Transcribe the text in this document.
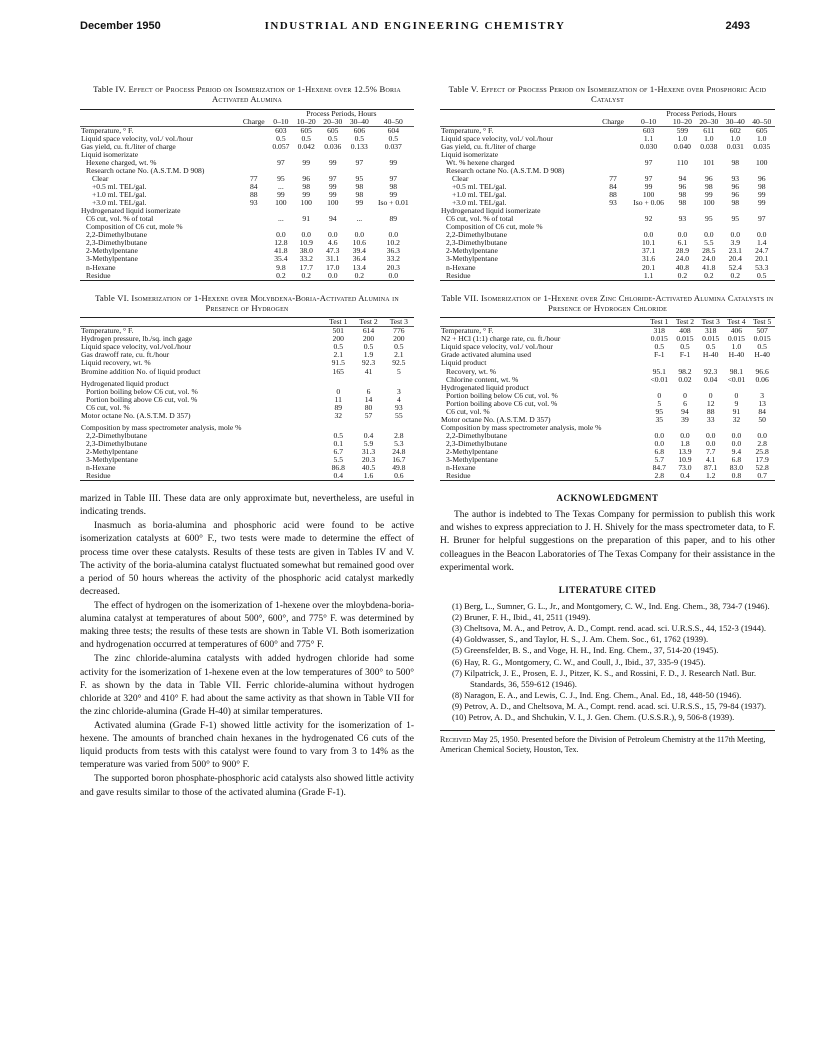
December 1950	INDUSTRIAL AND ENGINEERING CHEMISTRY	2493
Table IV. Effect of Process Period on Isomerization of 1-Hexene over 12.5% Boria Activated Alumina
		Process Periods, Hours				
	Charge	0–10	10–20	20–30	30–40	40–50
Temperature, ° F.		603	605	605	606	604
Liquid space velocity, vol./ vol./hour		0.5	0.5	0.5	0.5	0.5
Gas yield, cu. ft./liter of charge		0.057	0.042	0.036	0.133	0.037
Liquid isomerizate						
Hexene charged, wt. %		97	99	99	97	99
Research octane No. (A.S.T.M. D 908)						
Clear	77	95	96	97	95	97
+0.5 ml. TEL/gal.	84	...	98	99	98	98
+1.0 ml. TEL/gal.	88	99	99	99	98	99
+3.0 ml. TEL/gal.	93	100	100	100	99	Iso + 0.01
Hydrogenated liquid isomerizate						
C6 cut, vol. % of total		...	91	94	...	89
Composition of C6 cut, mole %						
2,2-Dimethylbutane		0.0	0.0	0.0	0.0	0.0
2,3-Dimethylbutane		12.8	10.9	4.6	10.6	10.2
2-Methylpentane		41.8	38.0	47.3	39.4	36.3
3-Methylpentane		35.4	33.2	31.1	36.4	33.2
n-Hexane		9.8	17.7	17.0	13.4	20.3
Residue		0.2	0.2	0.0	0.2	0.0
Table VI. Isomerization of 1-Hexene over Molybdena-Boria-Activated Alumina in Presence of Hydrogen
	Test 1	Test 2	Test 3
Temperature, ° F.	501	614	776
Hydrogen pressure, lb./sq. inch gage	200	200	200
Liquid space velocity, vol./vol./hour	0.5	0.5	0.5
Gas drawoff rate, cu. ft./hour	2.1	1.9	2.1
Liquid recovery, wt. %	91.5	92.3	92.5
Bromine addition No. of liquid product	165	41	5
Hydrogenated liquid product			
Portion boiling below C6 cut, vol. %	0	6	3
Portion boiling above C6 cut, vol. %	11	14	4
C6 cut, vol. %	89	80	93
Motor octane No. (A.S.T.M. D 357)	32	57	55
Composition by mass spectrometer analysis, mole %			
2,2-Dimethylbutane	0.5	0.4	2.8
2,3-Dimethylbutane	0.1	5.9	5.3
2-Methylpentane	6.7	31.3	24.8
3-Methylpentane	5.5	20.3	16.7
n-Hexane	86.8	40.5	49.8
Residue	0.4	1.6	0.6

marized in Table III. These data are only approximate but, nevertheless, are useful in indicating trends.

Inasmuch as boria-alumina and phosphoric acid were found to be active isomerization catalysts at 600° F., two tests were made to determine the effect of process time over these catalysts. Results of these tests are given in Tables IV and V. The activity of the boria-alumina catalyst fluctuated somewhat but remained good over a period of 50 hours whereas the activity of the phosphoric acid catalyst markedly decreased.

The effect of hydrogen on the isomerization of 1-hexene over the mloybdena-boria-alumina catalyst at temperatures of about 500°, 600°, and 775° F. was determined by making three tests; the results of these tests are shown in Table VI. Both isomerization and hydrogenation occurred at temperatures of 600° and 775° F.

The zinc chloride-alumina catalysts with added hydrogen chloride had some activity for the isomerization of 1-hexene even at the low temperatures of 300° to 500° F. as shown by the data in Table VII. Ferric chloride-alumina without hydrogen chloride at 320° and 410° F. had about the same activity as that shown in Table VII for the zinc chloride-alumina (Grade H-40) at similar temperatures.

Activated alumina (Grade F-1) showed little activity for the isomerization of 1-hexene. The amounts of branched chain hexanes in the hydrogenated C6 cuts of the liquid products from tests with this catalyst were found to vary from 3 to 14% as the temperature was varied from 500° to 900° F.

The supported boron phosphate-phosphoric acid catalysts also showed little activity and gave results similar to those of the activated alumina (Grade F-1).

Table V. Effect of Process Period on Isomerization of 1-Hexene over Phosphoric Acid Catalyst
		Process Periods, Hours				
	Charge	0–10	10–20	20–30	30–40	40–50
Temperature, ° F.		603	599	611	602	605
Liquid space velocity, vol./ vol./hour		1.1	1.0	1.0	1.0	1.0
Gas yield, cu. ft./liter of charge		0.030	0.040	0.038	0.031	0.035
Liquid isomerizate						
Wt. % hexene charged		97	110	101	98	100
Research octane No. (A.S.T.M. D 908)						
Clear	77	97	94	96	93	96
+0.5 ml. TEL/gal.	84	99	96	98	96	98
+1.0 ml. TEL/gal.	88	100	98	99	96	99
+3.0 ml. TEL/gal.	93	Iso + 0.06	98	100	98	99
Hydrogenated liquid isomerizate						
C6 cut, vol. % of total		92	93	95	95	97
Composition of C6 cut, mole %						
2,2-Dimethylbutane		0.0	0.0	0.0	0.0	0.0
2,3-Dimethylbutane		10.1	6.1	5.5	3.9	1.4
2-Methylpentane		37.1	28.9	28.5	23.1	24.7
3-Methylpentane		31.6	24.0	24.0	20.4	20.1
n-Hexane		20.1	40.8	41.8	52.4	53.3
Residue		1.1	0.2	0.2	0.2	0.5
Table VII. Isomerization of 1-Hexene over Zinc Chloride-Activated Alumina Catalysts in Presence of Hydrogen Chloride
	Test 1	Test 2	Test 3	Test 4	Test 5
Temperature, ° F.	318	408	318	406	507
N2 + HCl (1:1) charge rate, cu. ft./hour	0.015	0.015	0.015	0.015	0.015
Liquid space velocity, vol./ vol./hour	0.5	0.5	0.5	1.0	0.5
Grade activated alumina used	F-1	F-1	H-40	H-40	H-40
Liquid product					
Recovery, wt. %	95.1	98.2	92.3	98.1	96.6
Chlorine content, wt. %	<0.01	0.02	0.04	<0.01	0.06
Hydrogenated liquid product					
Portion boiling below C6 cut, vol. %	0	0	0	0	3
Portion boiling above C6 cut, vol. %	5	6	12	9	13
C6 cut, vol. %	95	94	88	91	84
Motor octane No. (A.S.T.M. D 357)	35	39	33	32	50
Composition by mass spectrometer analysis, mole %					
2,2-Dimethylbutane	0.0	0.0	0.0	0.0	0.0
2,3-Dimethylbutane	0.0	1.8	0.0	0.0	2.8
2-Methylpentane	6.8	13.9	7.7	9.4	25.8
3-Methylpentane	5.7	10.9	4.1	6.8	17.9
n-Hexane	84.7	73.0	87.1	83.0	52.8
Residue	2.8	0.4	1.2	0.8	0.7
ACKNOWLEDGMENT

The author is indebted to The Texas Company for permission to publish this work and wishes to express appreciation to J. H. Shively for the mass spectrometer data, to F. H. Bruner for helpful suggestions on the preparation of this paper, and to his other colleagues in the Beacon Laboratories of The Texas Company for their assistance in the experimental work.

LITERATURE CITED
(1) Berg, L., Sumner, G. L., Jr., and Montgomery, C. W., Ind. Eng. Chem., 38, 734-7 (1946).
(2) Bruner, F. H., Ibid., 41, 2511 (1949).
(3) Cheltsova, M. A., and Petrov, A. D., Compt. rend. acad. sci. U.R.S.S., 44, 152-3 (1944).
(4) Goldwasser, S., and Taylor, H. S., J. Am. Chem. Soc., 61, 1762 (1939).
(5) Greensfelder, B. S., and Voge, H. H., Ind. Eng. Chem., 37, 514-20 (1945).
(6) Hay, R. G., Montgomery, C. W., and Coull, J., Ibid., 37, 335-9 (1945).
(7) Kilpatrick, J. E., Prosen, E. J., Pitzer, K. S., and Rossini, F. D., J. Research Natl. Bur. Standards, 36, 559-612 (1946).
(8) Naragon, E. A., and Lewis, C. J., Ind. Eng. Chem., Anal. Ed., 18, 448-50 (1946).
(9) Petrov, A. D., and Cheltsova, M. A., Compt. rend. acad. sci. U.R.S.S., 15, 79-84 (1937).
(10) Petrov, A. D., and Shchukin, V. I., J. Gen. Chem. (U.S.S.R.), 9, 506-8 (1939).
Received May 25, 1950. Presented before the Division of Petroleum Chemistry at the 117th Meeting, American Chemical Society, Houston, Tex.
